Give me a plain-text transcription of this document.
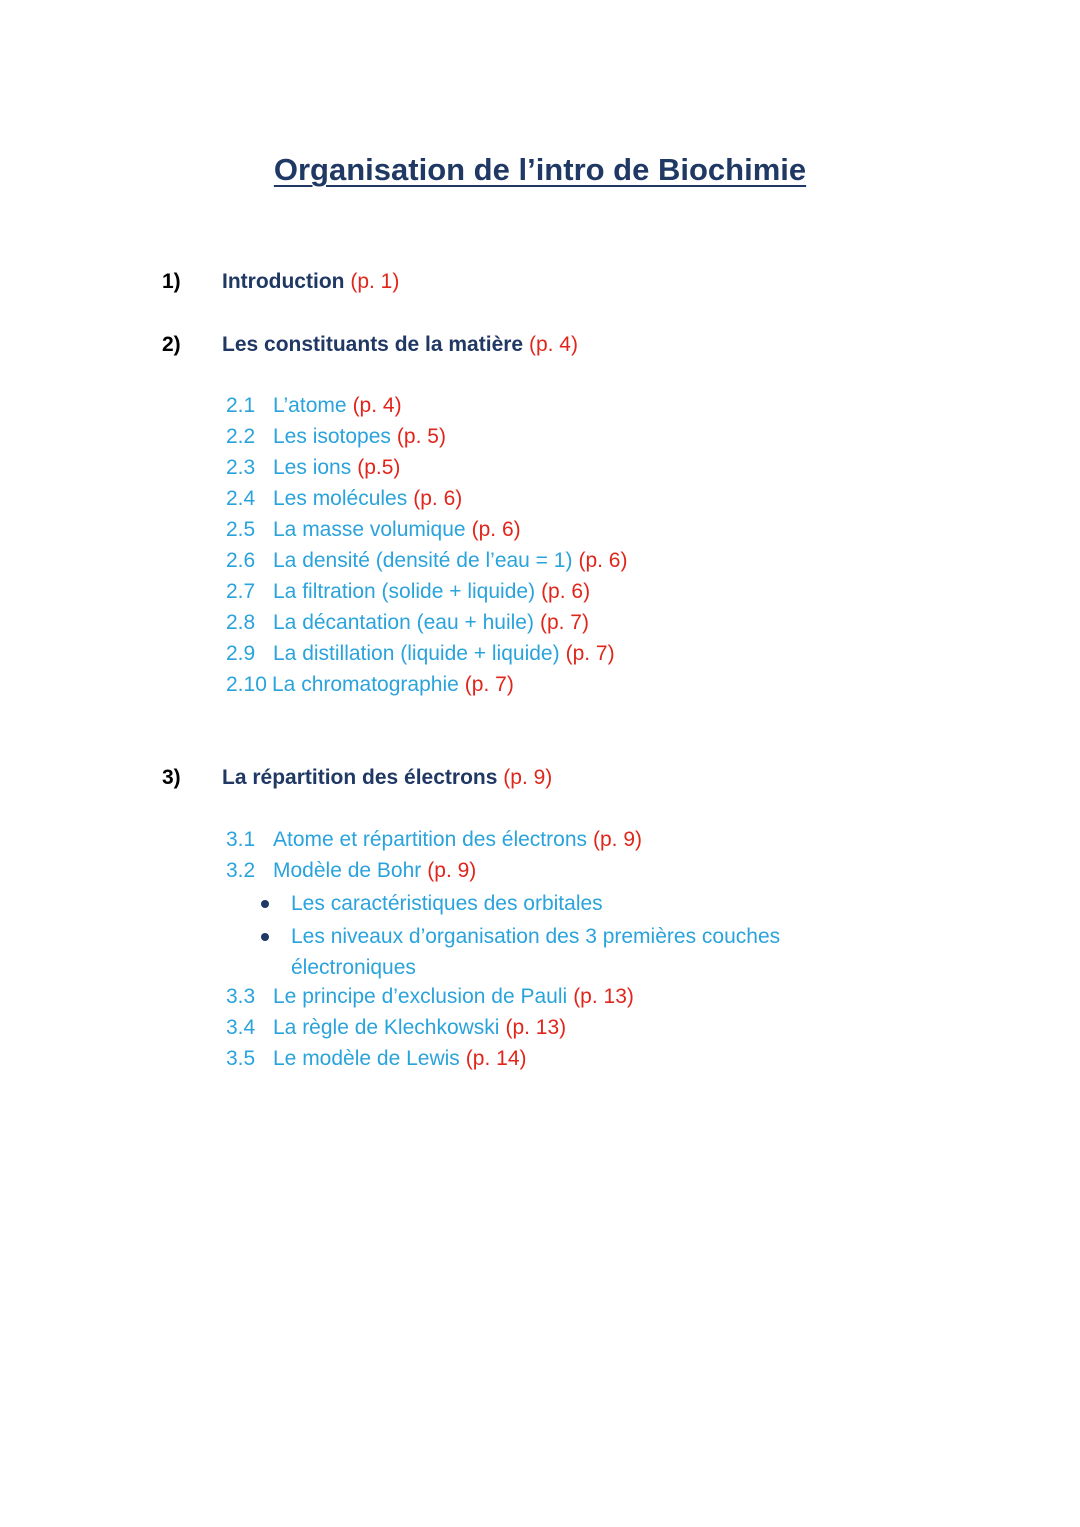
Organisation de l’intro de Biochimie
1)	Introduction (p. 1)
2)	Les constituants de la matière (p. 4)
2.1 L’atome (p. 4)
2.2 Les isotopes (p. 5)
2.3 Les ions (p.5)
2.4 Les molécules (p. 6)
2.5 La masse volumique (p. 6)
2.6 La densité (densité de l’eau = 1) (p. 6)
2.7 La filtration (solide + liquide) (p. 6)
2.8 La décantation (eau + huile) (p. 7)
2.9 La distillation (liquide + liquide) (p. 7)
2.10 La chromatographie (p. 7)
3)	La répartition des électrons (p. 9)
3.1 Atome et répartition des électrons (p. 9)
3.2 Modèle de Bohr (p. 9)
Les caractéristiques des orbitales
Les niveaux d’organisation des 3 premières couches électroniques
3.3 Le principe d’exclusion de Pauli (p. 13)
3.4 La règle de Klechkowski (p. 13)
3.5 Le modèle de Lewis (p. 14)
